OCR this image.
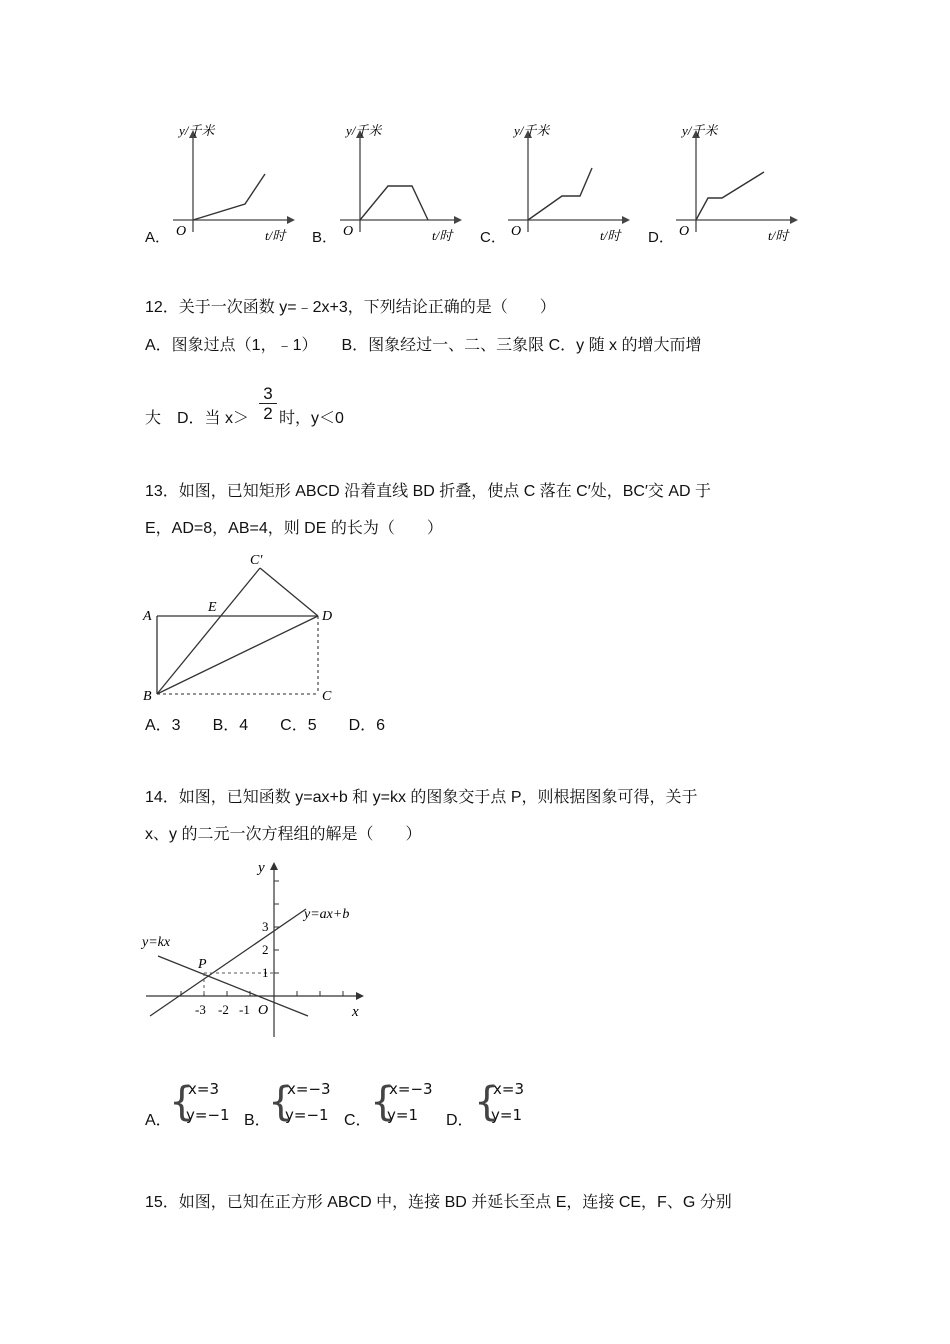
A．
y/千米
t/时
O	B．
y/千米
t/时
O	C．
y/千米
t/时
O	D．
y/千米
t/时
O
12．关于一次函数 y=﹣2x+3，下列结论正确的是（　　）
A．图象过点（1，﹣1）　　B．图象经过一、二、三象限 C．y 随 x 的增大而增
大　D．当 $x> \frac{3}{2}$ 时，y＜0
13．如图，已知矩形 ABCD 沿着直线 BD 折叠，使点 C 落在 C′处，BC′交 AD 于
E，AD=8，AB=4，则 DE 的长为（　　）
A
B	C
D
E
C′
A．3　　B．4　　C．5　　D．6
14．如图，已知函数 y=ax+b 和 y=kx 的图象交于点 P，则根据图象可得，关于
x、y 的二元一次方程组的解是（　　）
y
x
O
P
y=ax+b
y=kx
-3 -2 -1
1
2
3
A．
{
x=3
y=−1 B．
{
x=−3
y=−1 C．
{
x=−3
y=1 D． {
x=3
y=1
15．如图，已知在正方形 ABCD 中，连接 BD 并延长至点 E，连接 CE，F、G 分别
